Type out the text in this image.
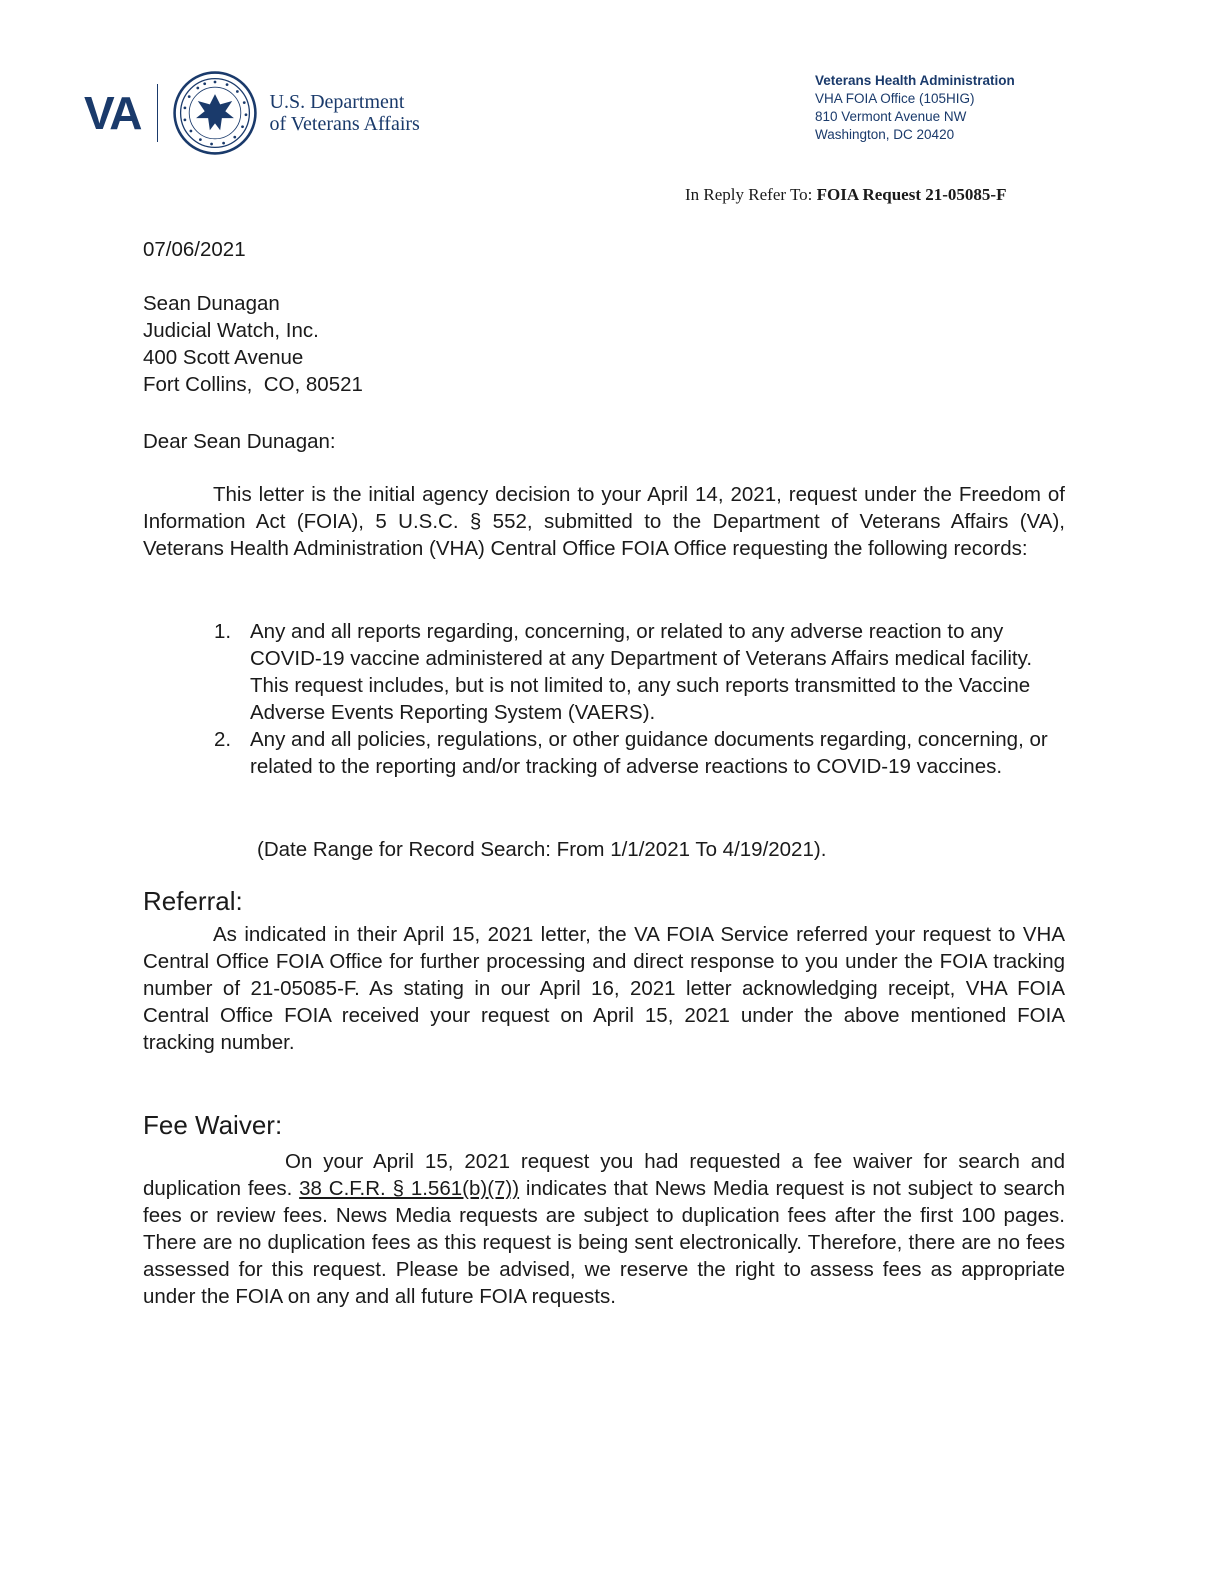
VA	U.S. Department
of Veterans Affairs
Veterans Health Administration
VHA FOIA Office (105HIG)
810 Vermont Avenue NW
Washington, DC 20420
In Reply Refer To: FOIA Request 21-05085-F
07/06/2021
Sean Dunagan
Judicial Watch, Inc.
400 Scott Avenue
Fort Collins,  CO, 80521
Dear Sean Dunagan:
This letter is the initial agency decision to your April 14, 2021, request under the Freedom of Information Act (FOIA), 5 U.S.C. § 552, submitted to the Department of Veterans Affairs (VA), Veterans Health Administration (VHA) Central Office FOIA Office requesting the following records:
1. Any and all reports regarding, concerning, or related to any adverse reaction to any COVID-19 vaccine administered at any Department of Veterans Affairs medical facility. This request includes, but is not limited to, any such reports transmitted to the Vaccine Adverse Events Reporting System (VAERS).
2. Any and all policies, regulations, or other guidance documents regarding, concerning, or related to the reporting and/or tracking of adverse reactions to COVID-19 vaccines.
(Date Range for Record Search: From 1/1/2021 To 4/19/2021).
Referral:
As indicated in their April 15, 2021 letter, the VA FOIA Service referred your request to VHA Central Office FOIA Office for further processing and direct response to you under the FOIA tracking number of 21-05085-F. As stating in our April 16, 2021 letter acknowledging receipt, VHA FOIA Central Office FOIA received your request on April 15, 2021 under the above mentioned FOIA tracking number.
Fee Waiver:
On your April 15, 2021 request you had requested a fee waiver for search and duplication fees. 38 C.F.R. § 1.561(b)(7)) indicates that News Media request is not subject to search fees or review fees. News Media requests are subject to duplication fees after the first 100 pages. There are no duplication fees as this request is being sent electronically. Therefore, there are no fees assessed for this request. Please be advised, we reserve the right to assess fees as appropriate under the FOIA on any and all future FOIA requests.
